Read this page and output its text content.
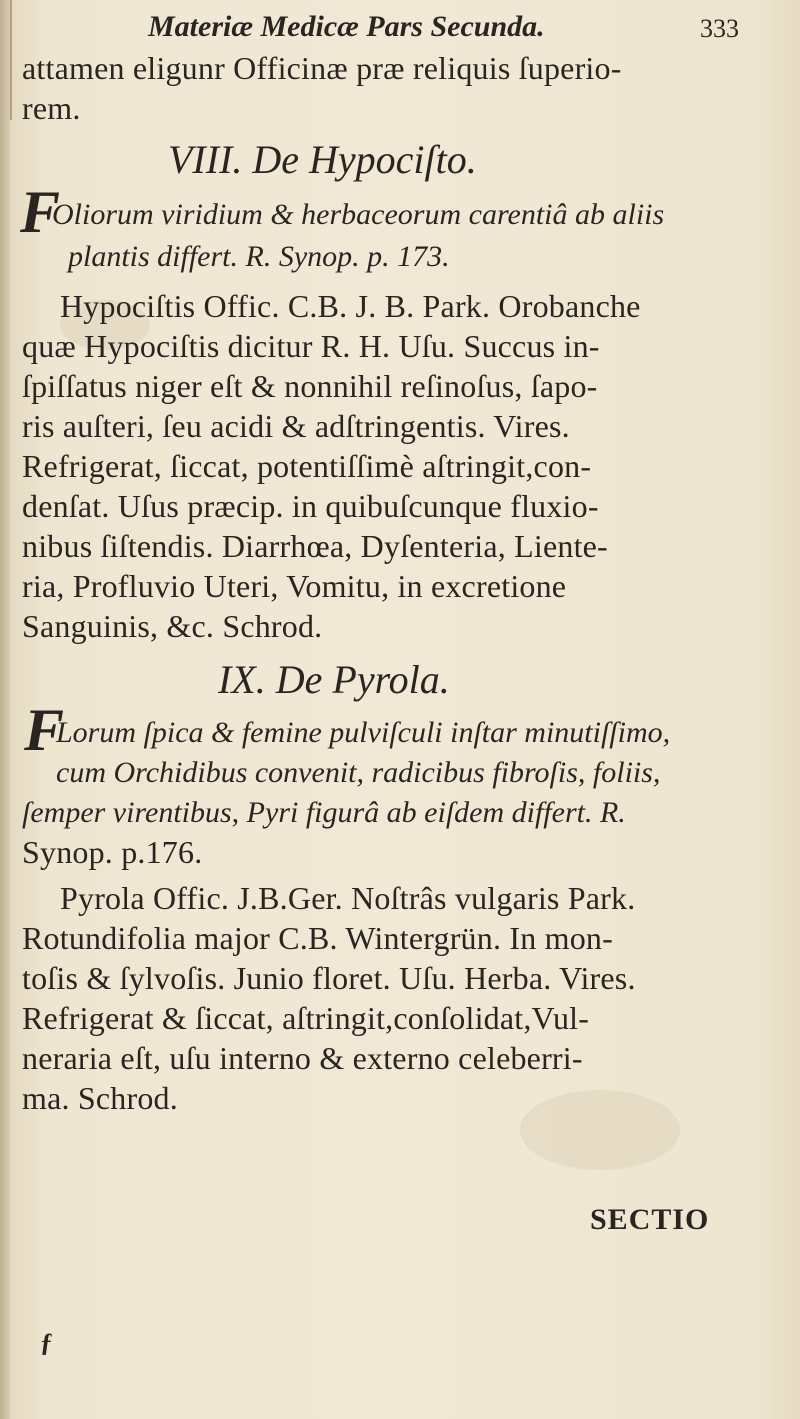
Materiæ Medicæ Pars Secunda.	333
attamen eligunr Officinæ præ reliquis ſuperio-
rem.
VIII. De Hypociſto.
F
Oliorum viridium & herbaceorum carentiâ ab aliis
plantis differt. R. Synop. p. 173.
Hypociſtis Offic. C.B. J. B. Park. Orobanche
quæ Hypociſtis dicitur R. H. Uſu. Succus in-
ſpiſſatus niger eſt & nonnihil reſinoſus, ſapo-
ris auſteri, ſeu acidi & adſtringentis. Vires.
Refrigerat, ſiccat, potentiſſimè aſtringit,con-
denſat. Uſus præcip. in quibuſcunque fluxio-
nibus ſiſtendis. Diarrhœa, Dyſenteria, Liente-
ria, Profluvio Uteri, Vomitu, in excretione
Sanguinis, &c. Schrod.
IX. De Pyrola.
F
Lorum ſpica & femine pulviſculi inſtar minutiſſimo,
cum Orchidibus convenit, radicibus fibroſis, foliis,
ſemper virentibus, Pyri figurâ ab eiſdem differt. R.
Synop. p.176.
Pyrola Offic. J.B.Ger. Noſtrâs vulgaris Park.
Rotundifolia major C.B. Wintergrün. In mon-
toſis & ſylvoſis. Junio floret. Uſu. Herba. Vires.
Refrigerat & ſiccat, aſtringit,conſolidat,Vul-
neraria eſt, uſu interno & externo celeberri-
ma. Schrod.
SECTIO
ƒ
